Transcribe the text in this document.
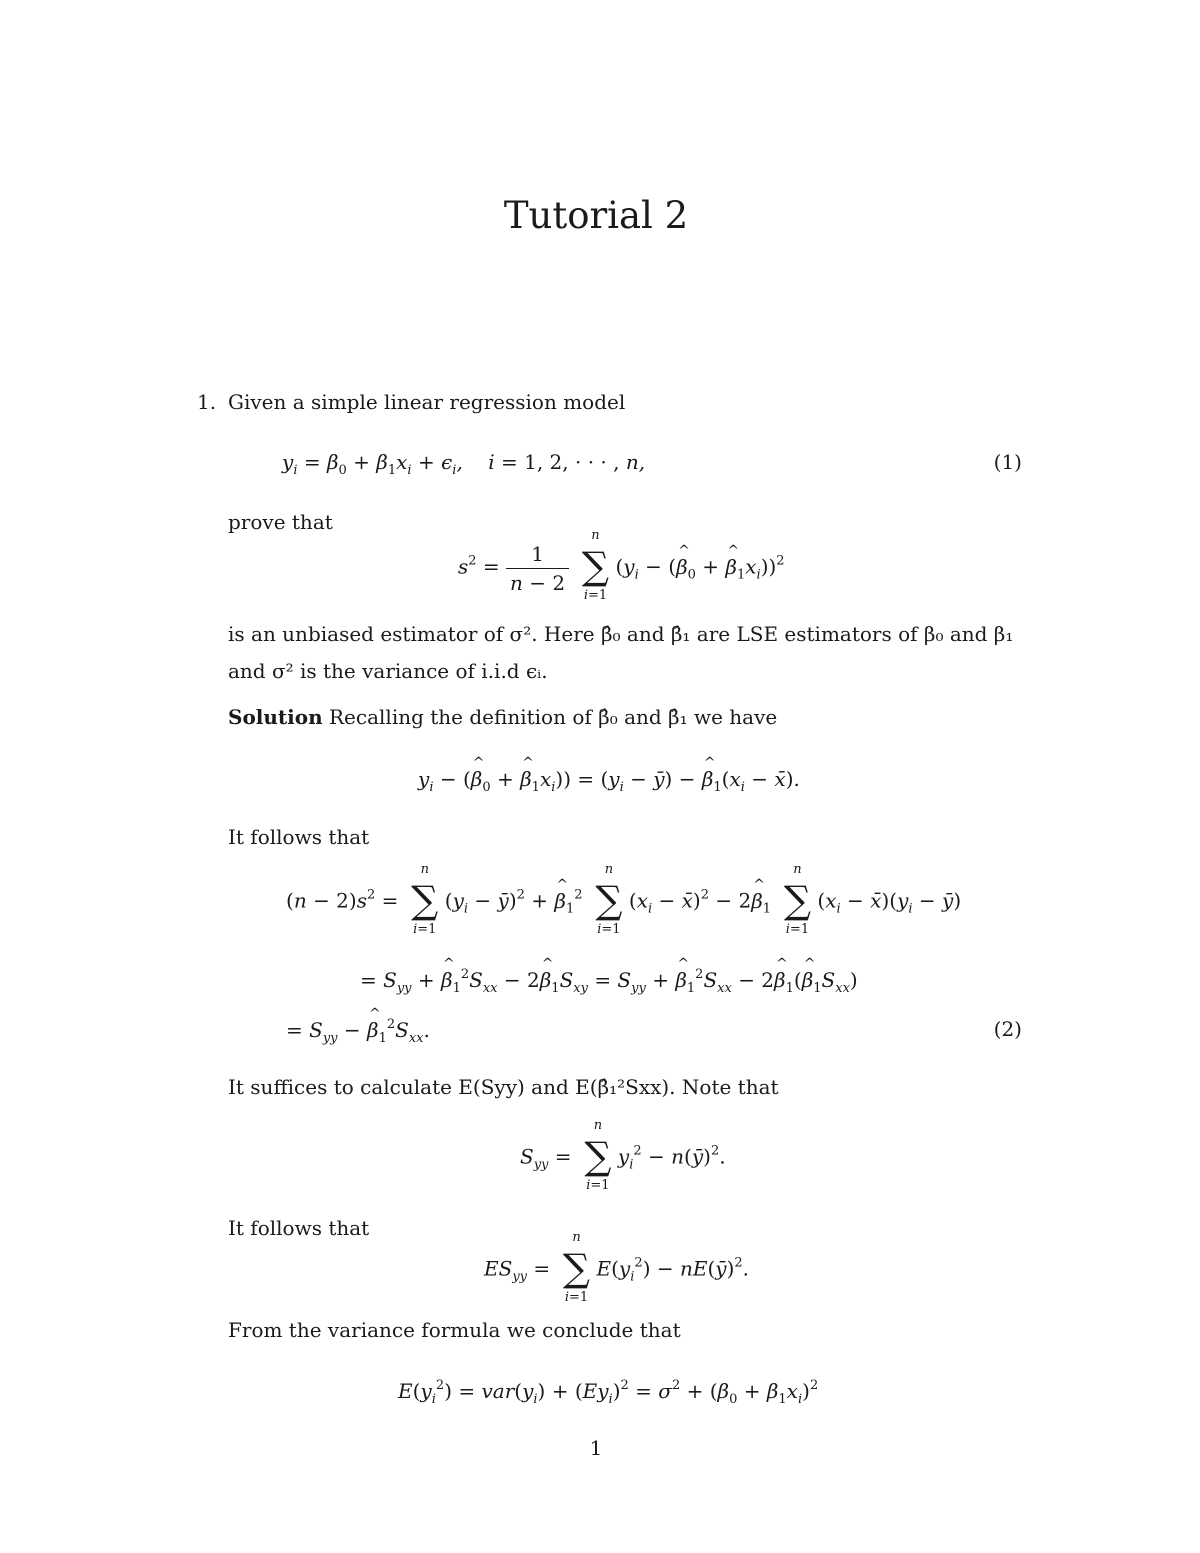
Tutorial 2
1. Given a simple linear regression model
$y_i = \beta_0 + \beta_1x_i + \epsilon_i$,    i = 1, 2, · · · , n,	(1)
prove that
$s^2 = \frac{1}{n - 2}$

n
∑
i=1
($y_i$ − (^ $\beta_0$ + ^ $\beta_1x_i))^2$
is an unbiased estimator of σ². Here β̂₀ and β̂₁ are LSE estimators of β₀ and β₁
and σ² is the variance of i.i.d ϵᵢ.
Solution Recalling the definition of β̂₀ and β̂₁ we have
$y_i$ − (^ $\beta_0$ + ^ $\beta_1x_i)) = (y_i$ − ȳ) − ^ $\beta_1(x_i$ − x̄).
It follows that
$(n - 2)s^2$ =
n
∑
i=1
($y_i$ − ȳ)$^2$ + ^ $\beta_1^2$
n
∑
i=1
($x_i$ − x̄)$^2$ − 2^ $\beta_1$
n
∑
i=1
($x_i$ − $x̄)(y_i$ − ȳ)
= $S_{yy}$ + ^ $\beta_1^2S_{xx}$ − 2^ $\beta_1S_{xy} = S_{yy}$ + ^ $\beta_1^2S_{xx}$ − 2^ $\beta_1(\^{}$ $\beta_1S_{xx}$)
= $S_{yy}$ − ^ $\beta_1^2S_{xx}$.	(2)
It suffices to calculate E(Syy) and E(β̂₁²Sxx). Note that
$S_{yy}$ =
n
∑
i=1
$y_i^2$ − n(ȳ)$^2$.
It follows that
$ES_{yy}$ =
n
∑
i=1
$E(y_i^2)$ − nE(ȳ)$^2$.
From the variance formula we conclude that
$E(y_i^2) = var(y_i) + (Ey_i)^2 = \sigma^2 + (\beta_0 + \beta_1x_i)^2$
1
